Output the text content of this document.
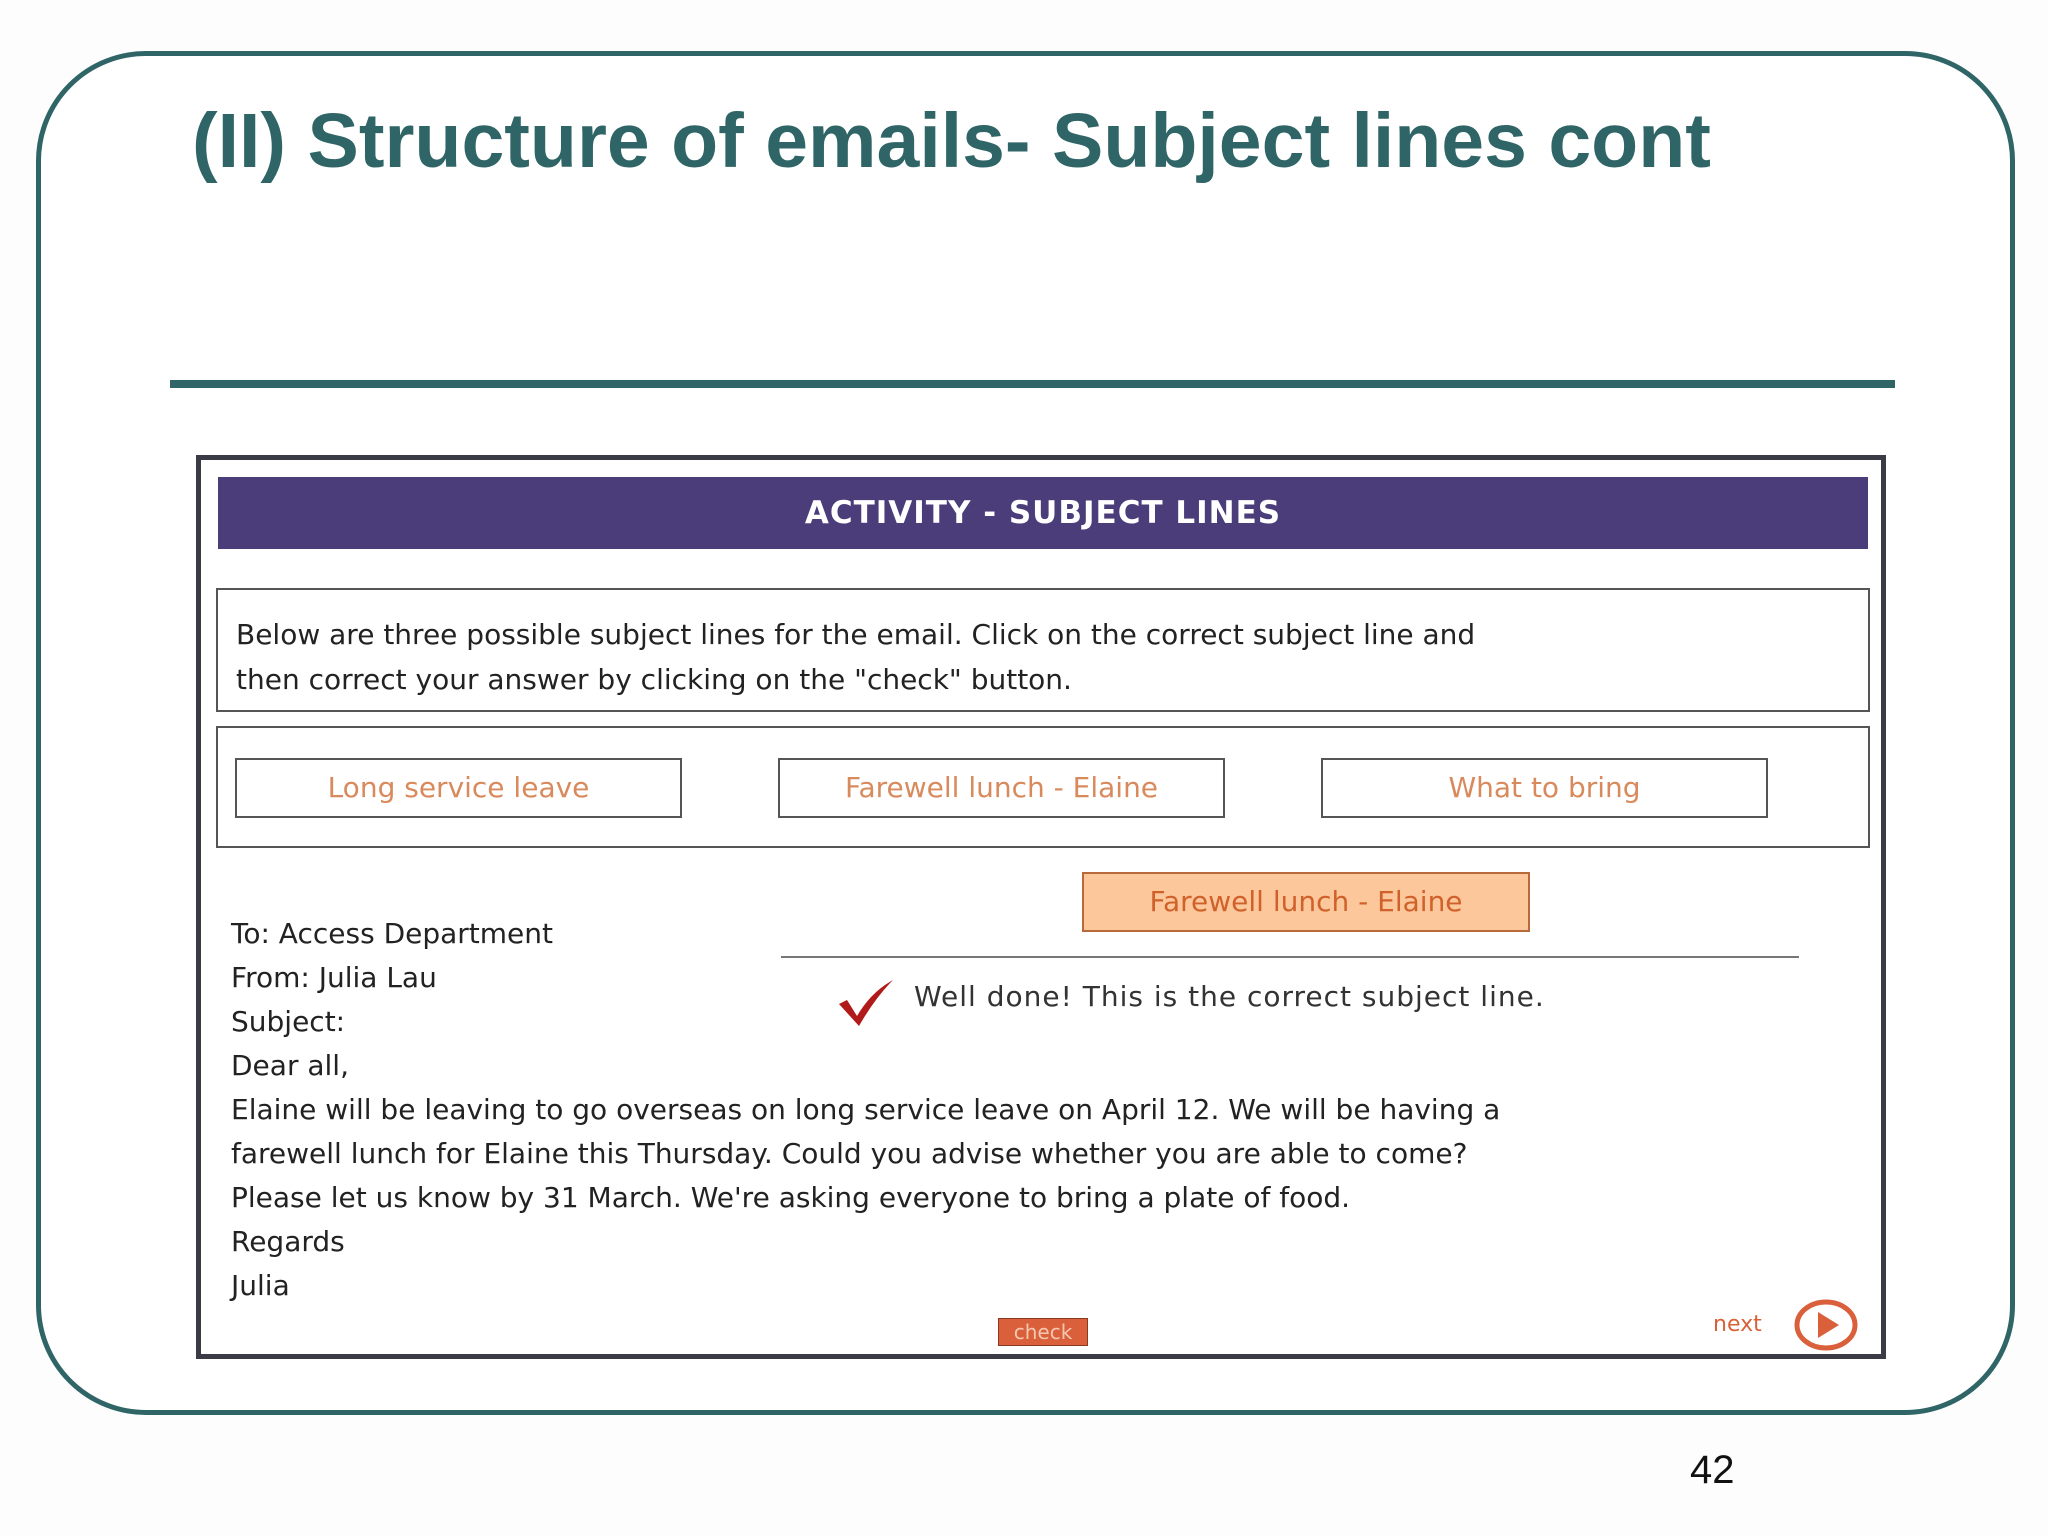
(II) Structure of emails- Subject lines cont
ACTIVITY - SUBJECT LINES
Below are three possible subject lines for the email. Click on the correct subject line and
then correct your answer by clicking on the "check" button.
Long service leave	Farewell lunch - Elaine	What to bring
Farewell lunch - Elaine
Well done! This is the correct subject line.
To: Access Department
From: Julia Lau
Subject:
Dear all,
Elaine will be leaving to go overseas on long service leave on April 12. We will be having a
farewell lunch for Elaine this Thursday. Could you advise whether you are able to come?
Please let us know by 31 March. We're asking everyone to bring a plate of food.
Regards
Julia
check	next
42
